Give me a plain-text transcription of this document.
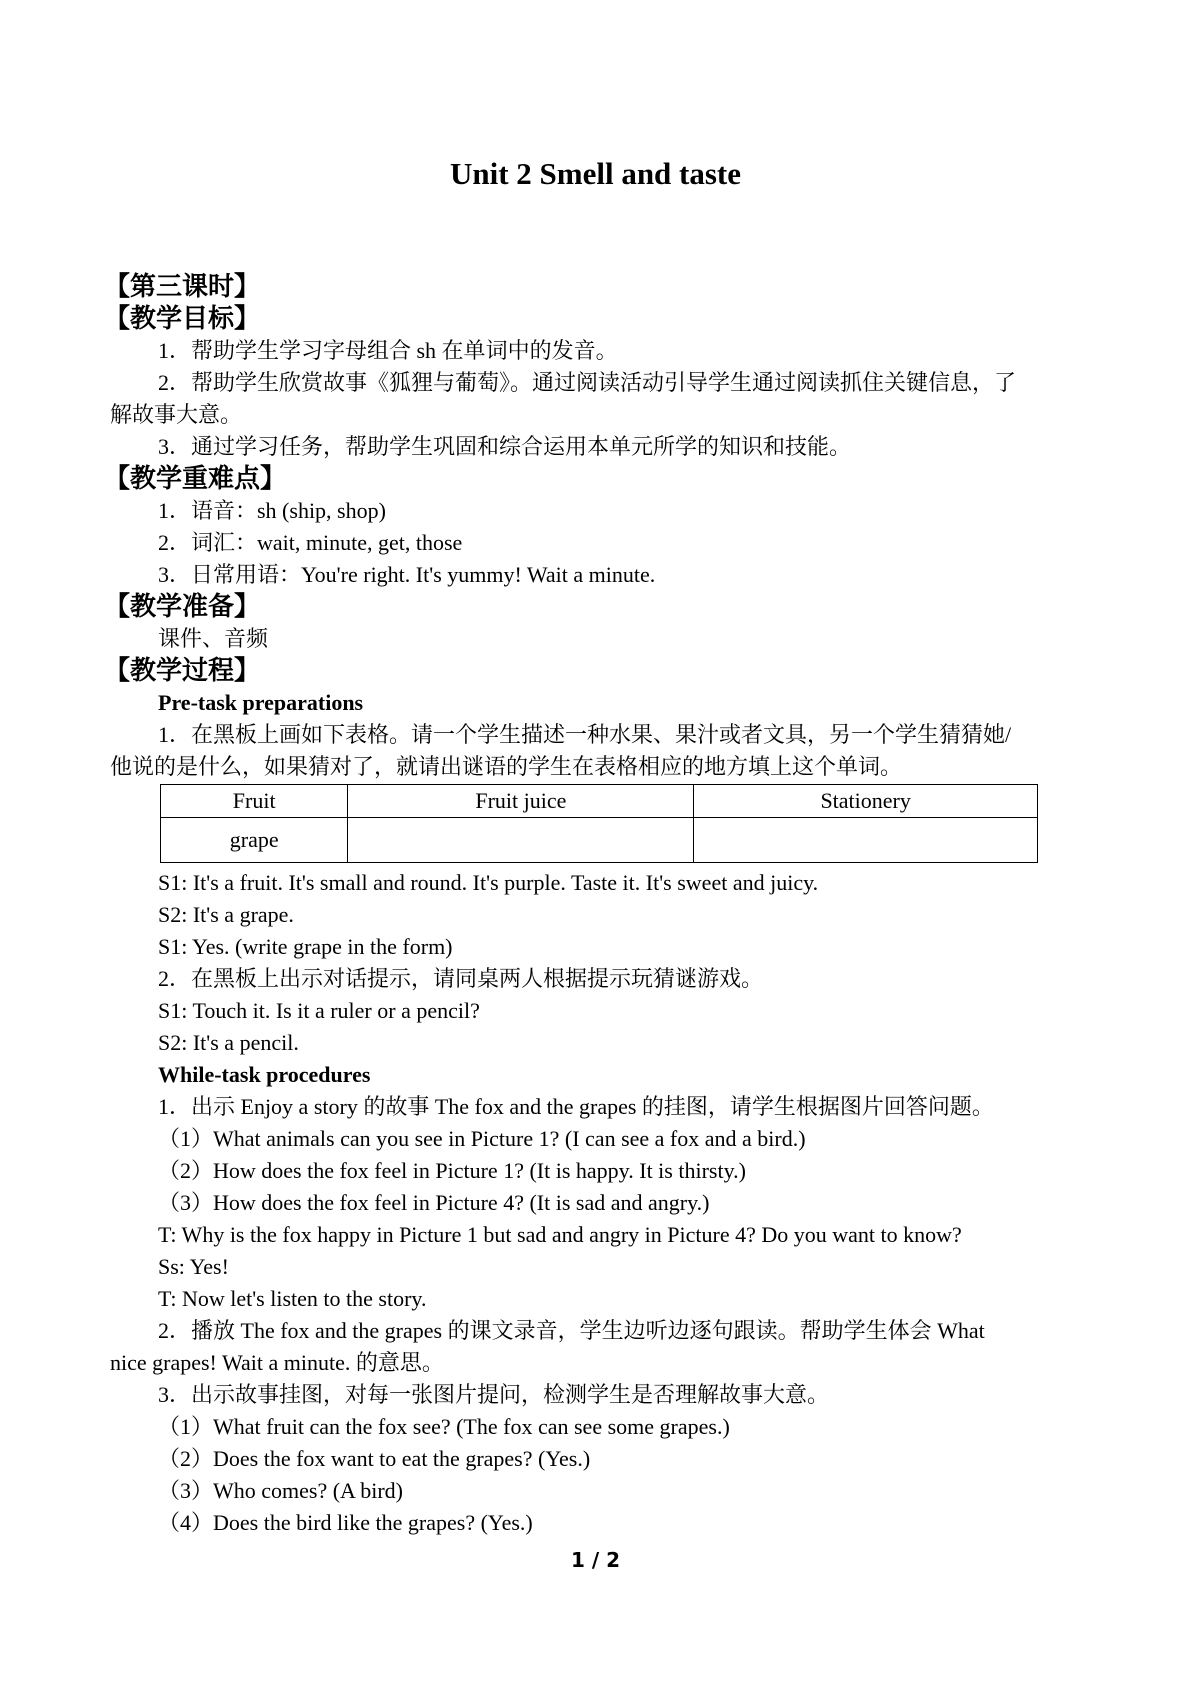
Unit 2 Smell and taste
【第三课时】
【教学目标】
1．帮助学生学习字母组合 sh 在单词中的发音。
2．帮助学生欣赏故事《狐狸与葡萄》。通过阅读活动引导学生通过阅读抓住关键信息，了
解故事大意。
3．通过学习任务，帮助学生巩固和综合运用本单元所学的知识和技能。
【教学重难点】
1．语音：sh (ship, shop)
2．词汇：wait, minute, get, those
3．日常用语：You're right. It's yummy! Wait a minute.
【教学准备】
课件、音频
【教学过程】
Pre-task preparations
1．在黑板上画如下表格。请一个学生描述一种水果、果汁或者文具，另一个学生猜猜她/
他说的是什么，如果猜对了，就请出谜语的学生在表格相应的地方填上这个单词。
Fruit	Fruit juice	Stationery
grape		
S1: It's a fruit. It's small and round. It's purple. Taste it. It's sweet and juicy.
S2: It's a grape.
S1: Yes. (write grape in the form)
2．在黑板上出示对话提示，请同桌两人根据提示玩猜谜游戏。
S1: Touch it. Is it a ruler or a pencil?
S2: It's a pencil.
While-task procedures
1．出示 Enjoy a story 的故事 The fox and the grapes 的挂图，请学生根据图片回答问题。
（1）What animals can you see in Picture 1? (I can see a fox and a bird.)
（2）How does the fox feel in Picture 1? (It is happy. It is thirsty.)
（3）How does the fox feel in Picture 4? (It is sad and angry.)
T: Why is the fox happy in Picture 1 but sad and angry in Picture 4? Do you want to know?
Ss: Yes!
T: Now let's listen to the story.
2．播放 The fox and the grapes 的课文录音，学生边听边逐句跟读。帮助学生体会 What
nice grapes! Wait a minute. 的意思。
3．出示故事挂图，对每一张图片提问，检测学生是否理解故事大意。
（1）What fruit can the fox see? (The fox can see some grapes.)
（2）Does the fox want to eat the grapes? (Yes.)
（3）Who comes? (A bird)
（4）Does the bird like the grapes? (Yes.)
1 / 2
